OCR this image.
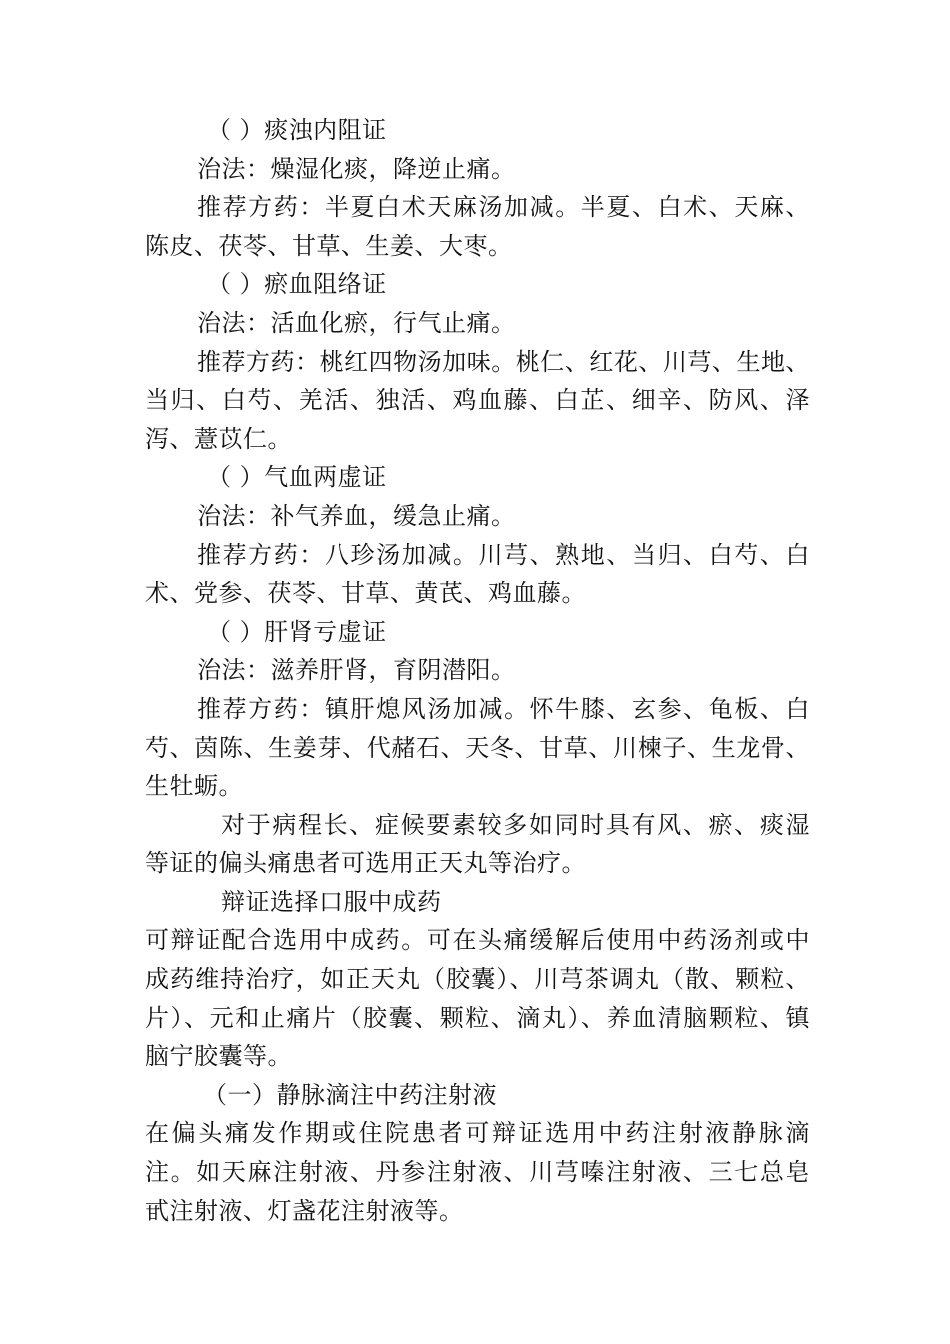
（ ）痰浊内阻证
治法：燥湿化痰，降逆止痛。
推荐方药：半夏白术天麻汤加减。半夏、白术、天麻、
陈皮、茯苓、甘草、生姜、大枣。
（ ）瘀血阻络证
治法：活血化瘀，行气止痛。
推荐方药：桃红四物汤加味。桃仁、红花、川芎、生地、
当归、白芍、羌活、独活、鸡血藤、白芷、细辛、防风、泽
泻、薏苡仁。
（ ）气血两虚证
治法：补气养血，缓急止痛。
推荐方药：八珍汤加减。川芎、熟地、当归、白芍、白
术、党参、茯苓、甘草、黄芪、鸡血藤。
（ ）肝肾亏虚证
治法：滋养肝肾，育阴潜阳。
推荐方药：镇肝熄风汤加减。怀牛膝、玄参、龟板、白
芍、茵陈、生姜芽、代赭石、天冬、甘草、川楝子、生龙骨、
生牡蛎。
对于病程长、症候要素较多如同时具有风、瘀、痰湿
等证的偏头痛患者可选用正天丸等治疗。
辩证选择口服中成药
可辩证配合选用中成药。可在头痛缓解后使用中药汤剂或中
成药维持治疗，如正天丸（胶囊）、川芎茶调丸（散、颗粒、
片）、元和止痛片（胶囊、颗粒、滴丸）、养血清脑颗粒、镇
脑宁胶囊等。
（一）静脉滴注中药注射液
在偏头痛发作期或住院患者可辩证选用中药注射液静脉滴
注。如天麻注射液、丹参注射液、川芎嗪注射液、三七总皂
甙注射液、灯盏花注射液等。
